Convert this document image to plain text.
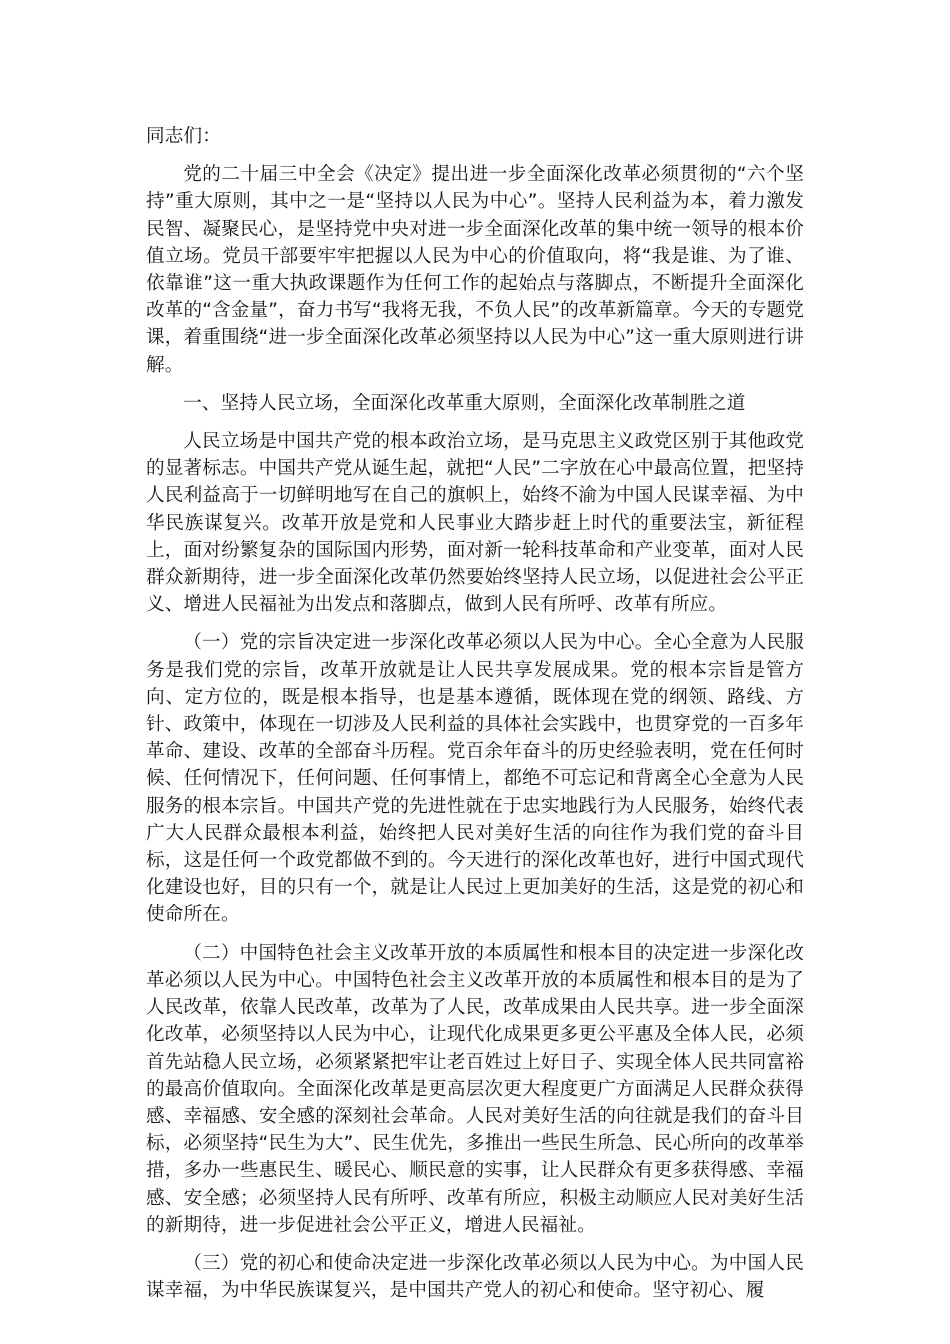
同志们：

党的二十届三中全会《决定》提出进一步全面深化改革必须贯彻的“六个坚持”重大原则，其中之一是“坚持以人民为中心”。坚持人民利益为本，着力激发民智、凝聚民心，是坚持党中央对进一步全面深化改革的集中统一领导的根本价值立场。党员干部要牢牢把握以人民为中心的价值取向，将“我是谁、为了谁、依靠谁”这一重大执政课题作为任何工作的起始点与落脚点，不断提升全面深化改革的“含金量”，奋力书写“我将无我，不负人民”的改革新篇章。今天的专题党课，着重围绕“进一步全面深化改革必须坚持以人民为中心”这一重大原则进行讲解。

一、坚持人民立场，全面深化改革重大原则，全面深化改革制胜之道

人民立场是中国共产党的根本政治立场，是马克思主义政党区别于其他政党的显著标志。中国共产党从诞生起，就把“人民”二字放在心中最高位置，把坚持人民利益高于一切鲜明地写在自己的旗帜上，始终不渝为中国人民谋幸福、为中华民族谋复兴。改革开放是党和人民事业大踏步赶上时代的重要法宝，新征程上，面对纷繁复杂的国际国内形势，面对新一轮科技革命和产业变革，面对人民群众新期待，进一步全面深化改革仍然要始终坚持人民立场，以促进社会公平正义、增进人民福祉为出发点和落脚点，做到人民有所呼、改革有所应。

（一）党的宗旨决定进一步深化改革必须以人民为中心。全心全意为人民服务是我们党的宗旨，改革开放就是让人民共享发展成果。党的根本宗旨是管方向、定方位的，既是根本指导，也是基本遵循，既体现在党的纲领、路线、方针、政策中，体现在一切涉及人民利益的具体社会实践中，也贯穿党的一百多年革命、建设、改革的全部奋斗历程。党百余年奋斗的历史经验表明，党在任何时候、任何情况下，任何问题、任何事情上，都绝不可忘记和背离全心全意为人民服务的根本宗旨。中国共产党的先进性就在于忠实地践行为人民服务，始终代表广大人民群众最根本利益，始终把人民对美好生活的向往作为我们党的奋斗目标，这是任何一个政党都做不到的。今天进行的深化改革也好，进行中国式现代化建设也好，目的只有一个，就是让人民过上更加美好的生活，这是党的初心和使命所在。

（二）中国特色社会主义改革开放的本质属性和根本目的决定进一步深化改革必须以人民为中心。中国特色社会主义改革开放的本质属性和根本目的是为了人民改革，依靠人民改革，改革为了人民，改革成果由人民共享。进一步全面深化改革，必须坚持以人民为中心，让现代化成果更多更公平惠及全体人民，必须首先站稳人民立场，必须紧紧把牢让老百姓过上好日子、实现全体人民共同富裕的最高价值取向。全面深化改革是更高层次更大程度更广方面满足人民群众获得感、幸福感、安全感的深刻社会革命。人民对美好生活的向往就是我们的奋斗目标，必须坚持“民生为大”、民生优先，多推出一些民生所急、民心所向的改革举措，多办一些惠民生、暖民心、顺民意的实事，让人民群众有更多获得感、幸福感、安全感；必须坚持人民有所呼、改革有所应，积极主动顺应人民对美好生活的新期待，进一步促进社会公平正义，增进人民福祉。

（三）党的初心和使命决定进一步深化改革必须以人民为中心。为中国人民谋幸福，为中华民族谋复兴，是中国共产党人的初心和使命。坚守初心、履
